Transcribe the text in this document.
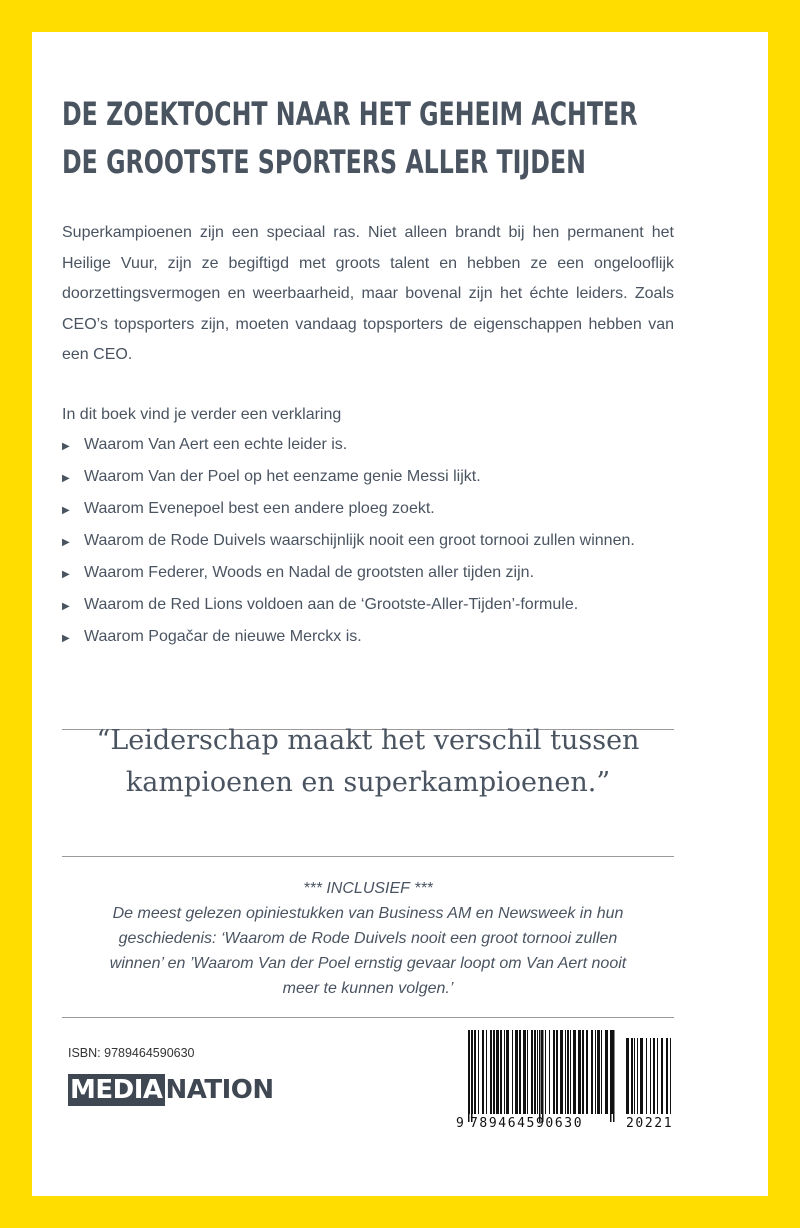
DE ZOEKTOCHT NAAR HET GEHEIM ACHTER
DE GROOTSTE SPORTERS ALLER TIJDEN

Superkampioenen zijn een speciaal ras. Niet alleen brandt bij hen permanent het Heilige Vuur, zijn ze begiftigd met groots talent en hebben ze een ongelooflijk doorzettingsvermogen en weerbaarheid, maar bovenal zijn het échte leiders. Zoals CEO’s topsporters zijn, moeten vandaag topsporters de eigenschappen hebben van een CEO.

In dit boek vind je verder een verklaring
▶ Waarom Van Aert een echte leider is.
▶ Waarom Van der Poel op het eenzame genie Messi lijkt.
▶ Waarom Evenepoel best een andere ploeg zoekt.
▶ Waarom de Rode Duivels waarschijnlijk nooit een groot tornooi zullen winnen.
▶ Waarom Federer, Woods en Nadal de grootsten aller tijden zijn.
▶ Waarom de Red Lions voldoen aan de ‘Grootste-Aller-Tijden’-formule.
▶ Waarom Pogačar de nieuwe Merckx is.
“Leiderschap maakt het verschil tussen
kampioenen en superkampioenen.”
*** INCLUSIEF ***
De meest gelezen opiniestukken van Business AM en Newsweek in hun
geschiedenis: ‘Waarom de Rode Duivels nooit een groot tornooi zullen
winnen’ en ’Waarom Van der Poel ernstig gevaar loopt om Van Aert nooit
meer te kunnen volgen.’
ISBN: 9789464590630
MEDIA NATION
9 789464590630	20221
